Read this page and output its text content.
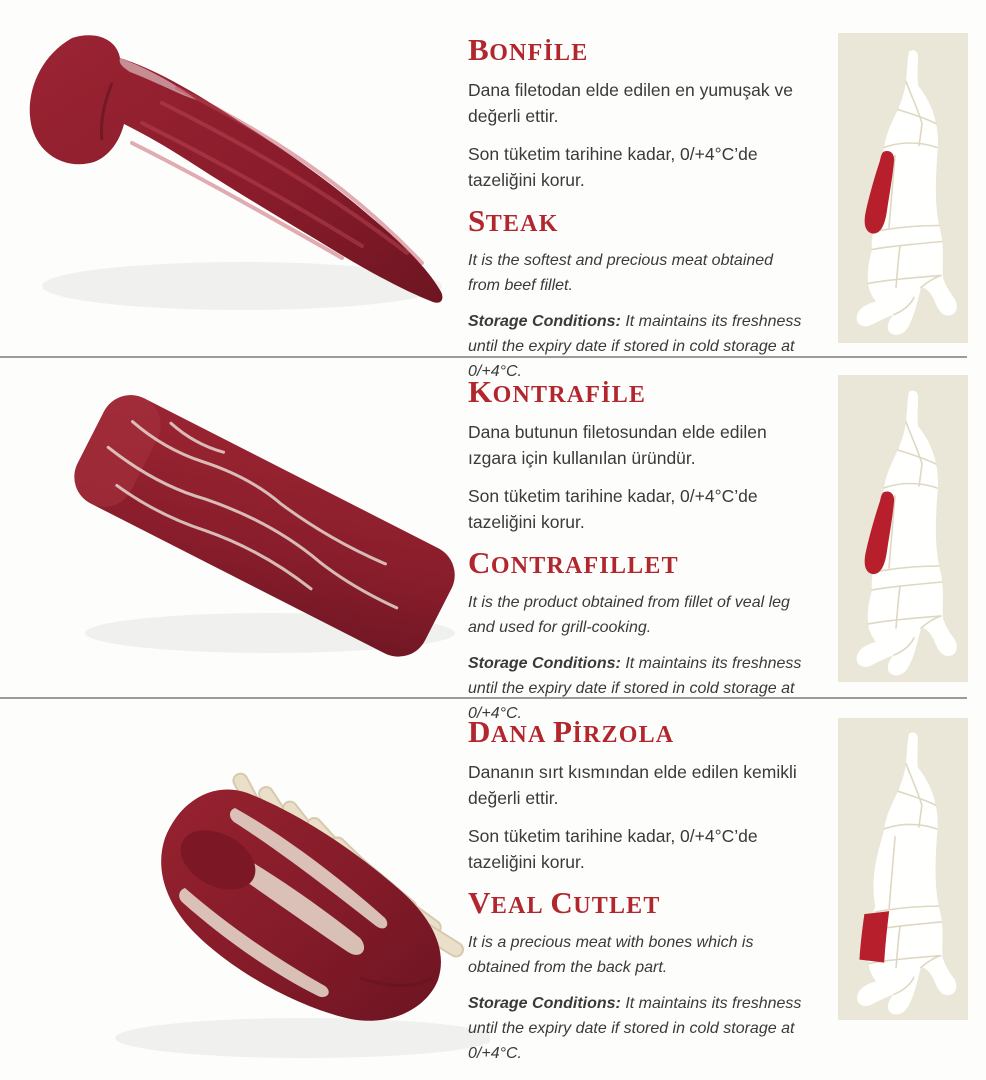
BONFİLE

Dana filetodan elde edilen en yumuşak ve değerli ettir.

Son tüketim tarihine kadar, 0/+4°C’de tazeliğini korur.

STEAK

It is the softest and precious meat obtained from beef fillet.

Storage Conditions: It maintains its freshness until the expiry date if stored in cold storage at 0/+4°C.

KONTRAFİLE

Dana butunun filetosundan elde edilen ızgara için kullanılan üründür.

Son tüketim tarihine kadar, 0/+4°C’de tazeliğini korur.

CONTRAFILLET

It is the product obtained from fillet of veal leg and used for grill-cooking.

Storage Conditions: It maintains its freshness until the expiry date if stored in cold storage at 0/+4°C.

DANA PİRZOLA

Dananın sırt kısmından elde edilen kemikli değerli ettir.

Son tüketim tarihine kadar, 0/+4°C’de tazeliğini korur.

VEAL CUTLET

It is a precious meat with bones which is obtained from the back part.

Storage Conditions: It maintains its freshness until the expiry date if stored in cold storage at 0/+4°C.
